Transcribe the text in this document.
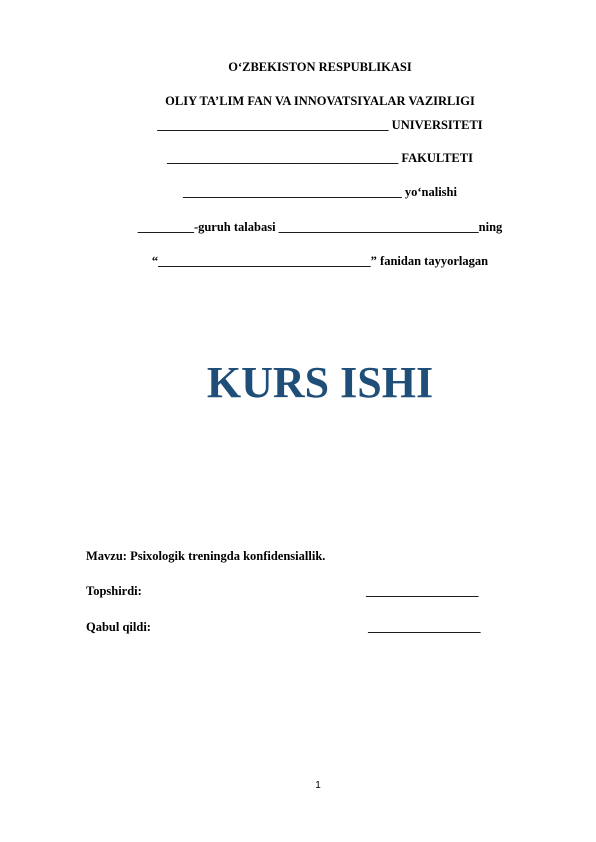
O‘ZBEKISTON RESPUBLIKASI
OLIY TA’LIM FAN VA INNOVATSIYALAR VAZIRLIGI
_____________________________________ UNIVERSITETI
_____________________________________ FAKULTETI
___________________________________ yo‘nalishi
_________-guruh talabasi ________________________________ning
“__________________________________” fanidan tayyorlagan
KURS ISHI
Mavzu: Psixologik treningda konfidensiallik.
Topshirdi:	__________________
Qabul qildi:	__________________
1
